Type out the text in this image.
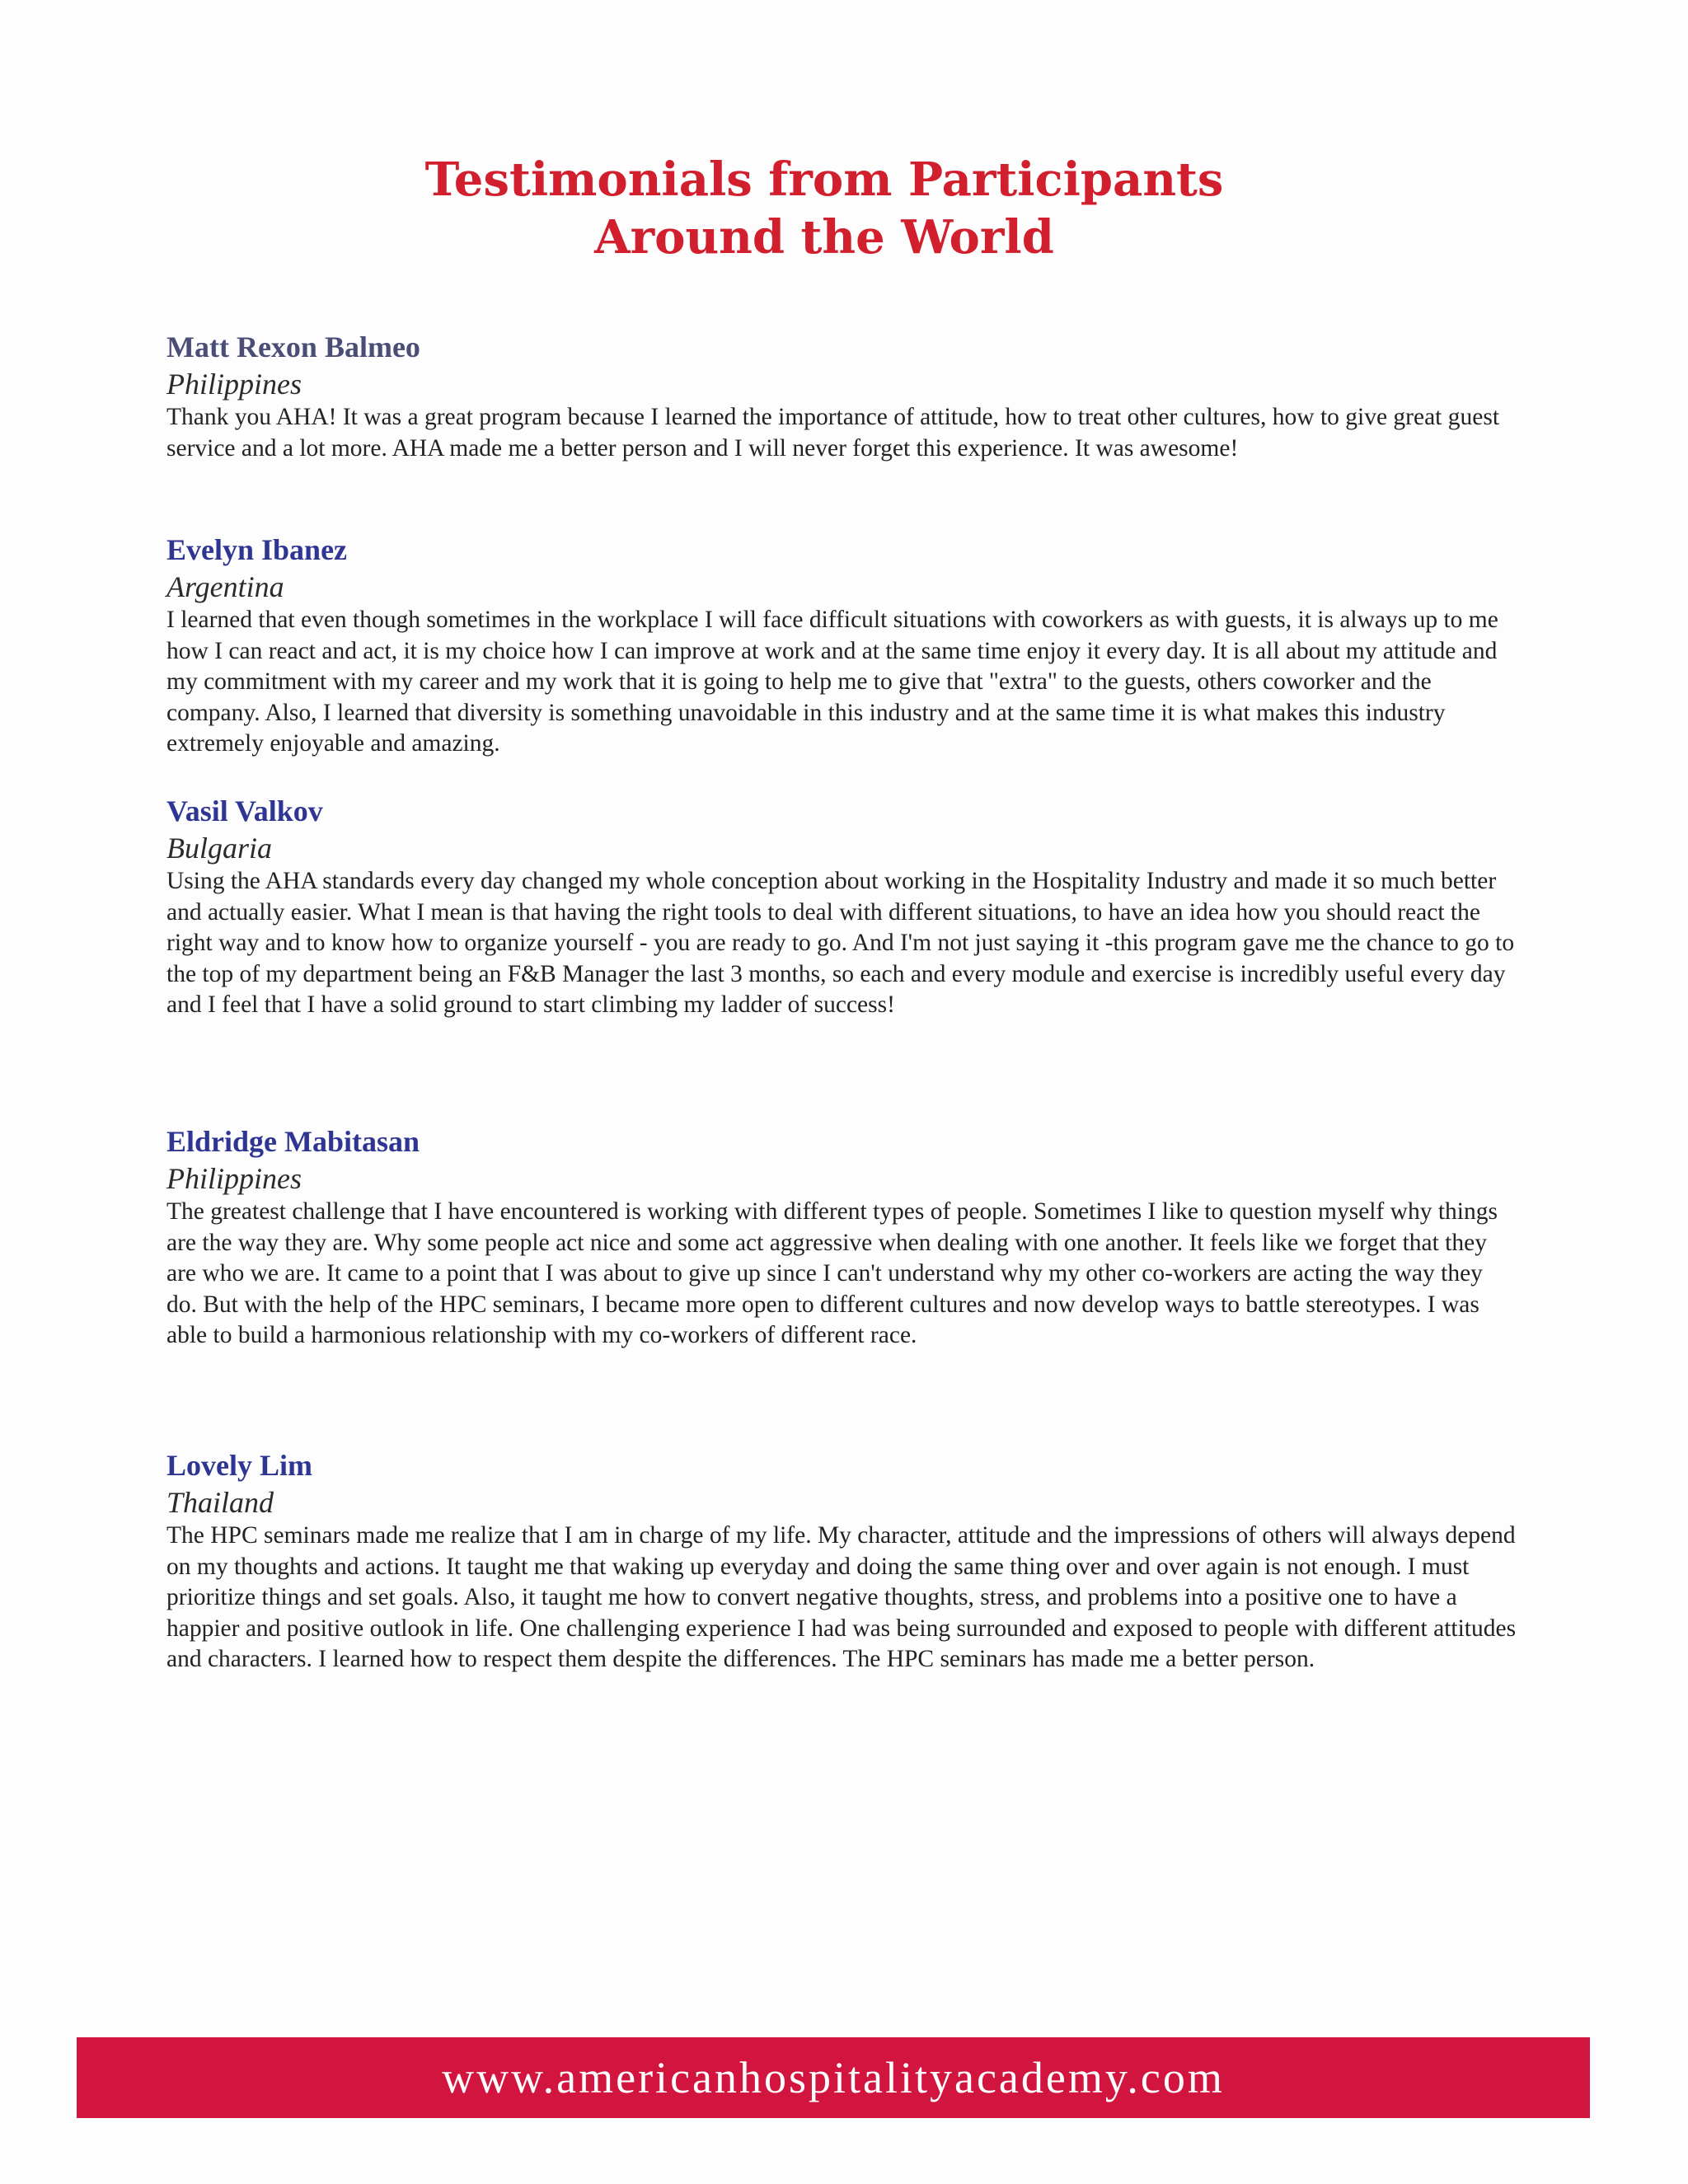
Testimonials from Participants
Around the World

Matt Rexon Balmeo

Philippines

Thank you AHA! It was a great program because I learned the importance of attitude, how to treat other cultures, how to give great guest service and a lot more. AHA made me a better person and I will never forget this experience. It was awesome!

Evelyn Ibanez

Argentina

I learned that even though sometimes in the workplace I will face difficult situations with coworkers as with guests, it is always up to me how I can react and act, it is my choice how I can improve at work and at the same time enjoy it every day. It is all about my attitude and my commitment with my career and my work that it is going to help me to give that "extra" to the guests, others coworker and the company. Also, I learned that diversity is something unavoidable in this industry and at the same time it is what makes this industry extremely enjoyable and amazing.

Vasil Valkov

Bulgaria

Using the AHA standards every day changed my whole conception about working in the Hospitality Industry and made it so much better and actually easier. What I mean is that having the right tools to deal with different situations, to have an idea how you should react the right way and to know how to organize yourself - you are ready to go. And I'm not just saying it -this program gave me the chance to go to the top of my department being an F&B Manager the last 3 months, so each and every module and exercise is incredibly useful every day and I feel that I have a solid ground to start climbing my ladder of success!

Eldridge Mabitasan

Philippines

The greatest challenge that I have encountered is working with different types of people. Sometimes I like to question myself why things are the way they are. Why some people act nice and some act aggressive when dealing with one another. It feels like we forget that they are who we are. It came to a point that I was about to give up since I can't understand why my other co-workers are acting the way they do. But with the help of the HPC seminars, I became more open to different cultures and now develop ways to battle stereotypes. I was able to build a harmonious relationship with my co-workers of different race.

Lovely Lim

Thailand

The HPC seminars made me realize that I am in charge of my life. My character, attitude and the impressions of others will always depend on my thoughts and actions. It taught me that waking up everyday and doing the same thing over and over again is not enough. I must prioritize things and set goals. Also, it taught me how to convert negative thoughts, stress, and problems into a positive one to have a happier and positive outlook in life. One challenging experience I had was being surrounded and exposed to people with different attitudes and characters. I learned how to respect them despite the differences. The HPC seminars has made me a better person.

www.americanhospitalityacademy.com
